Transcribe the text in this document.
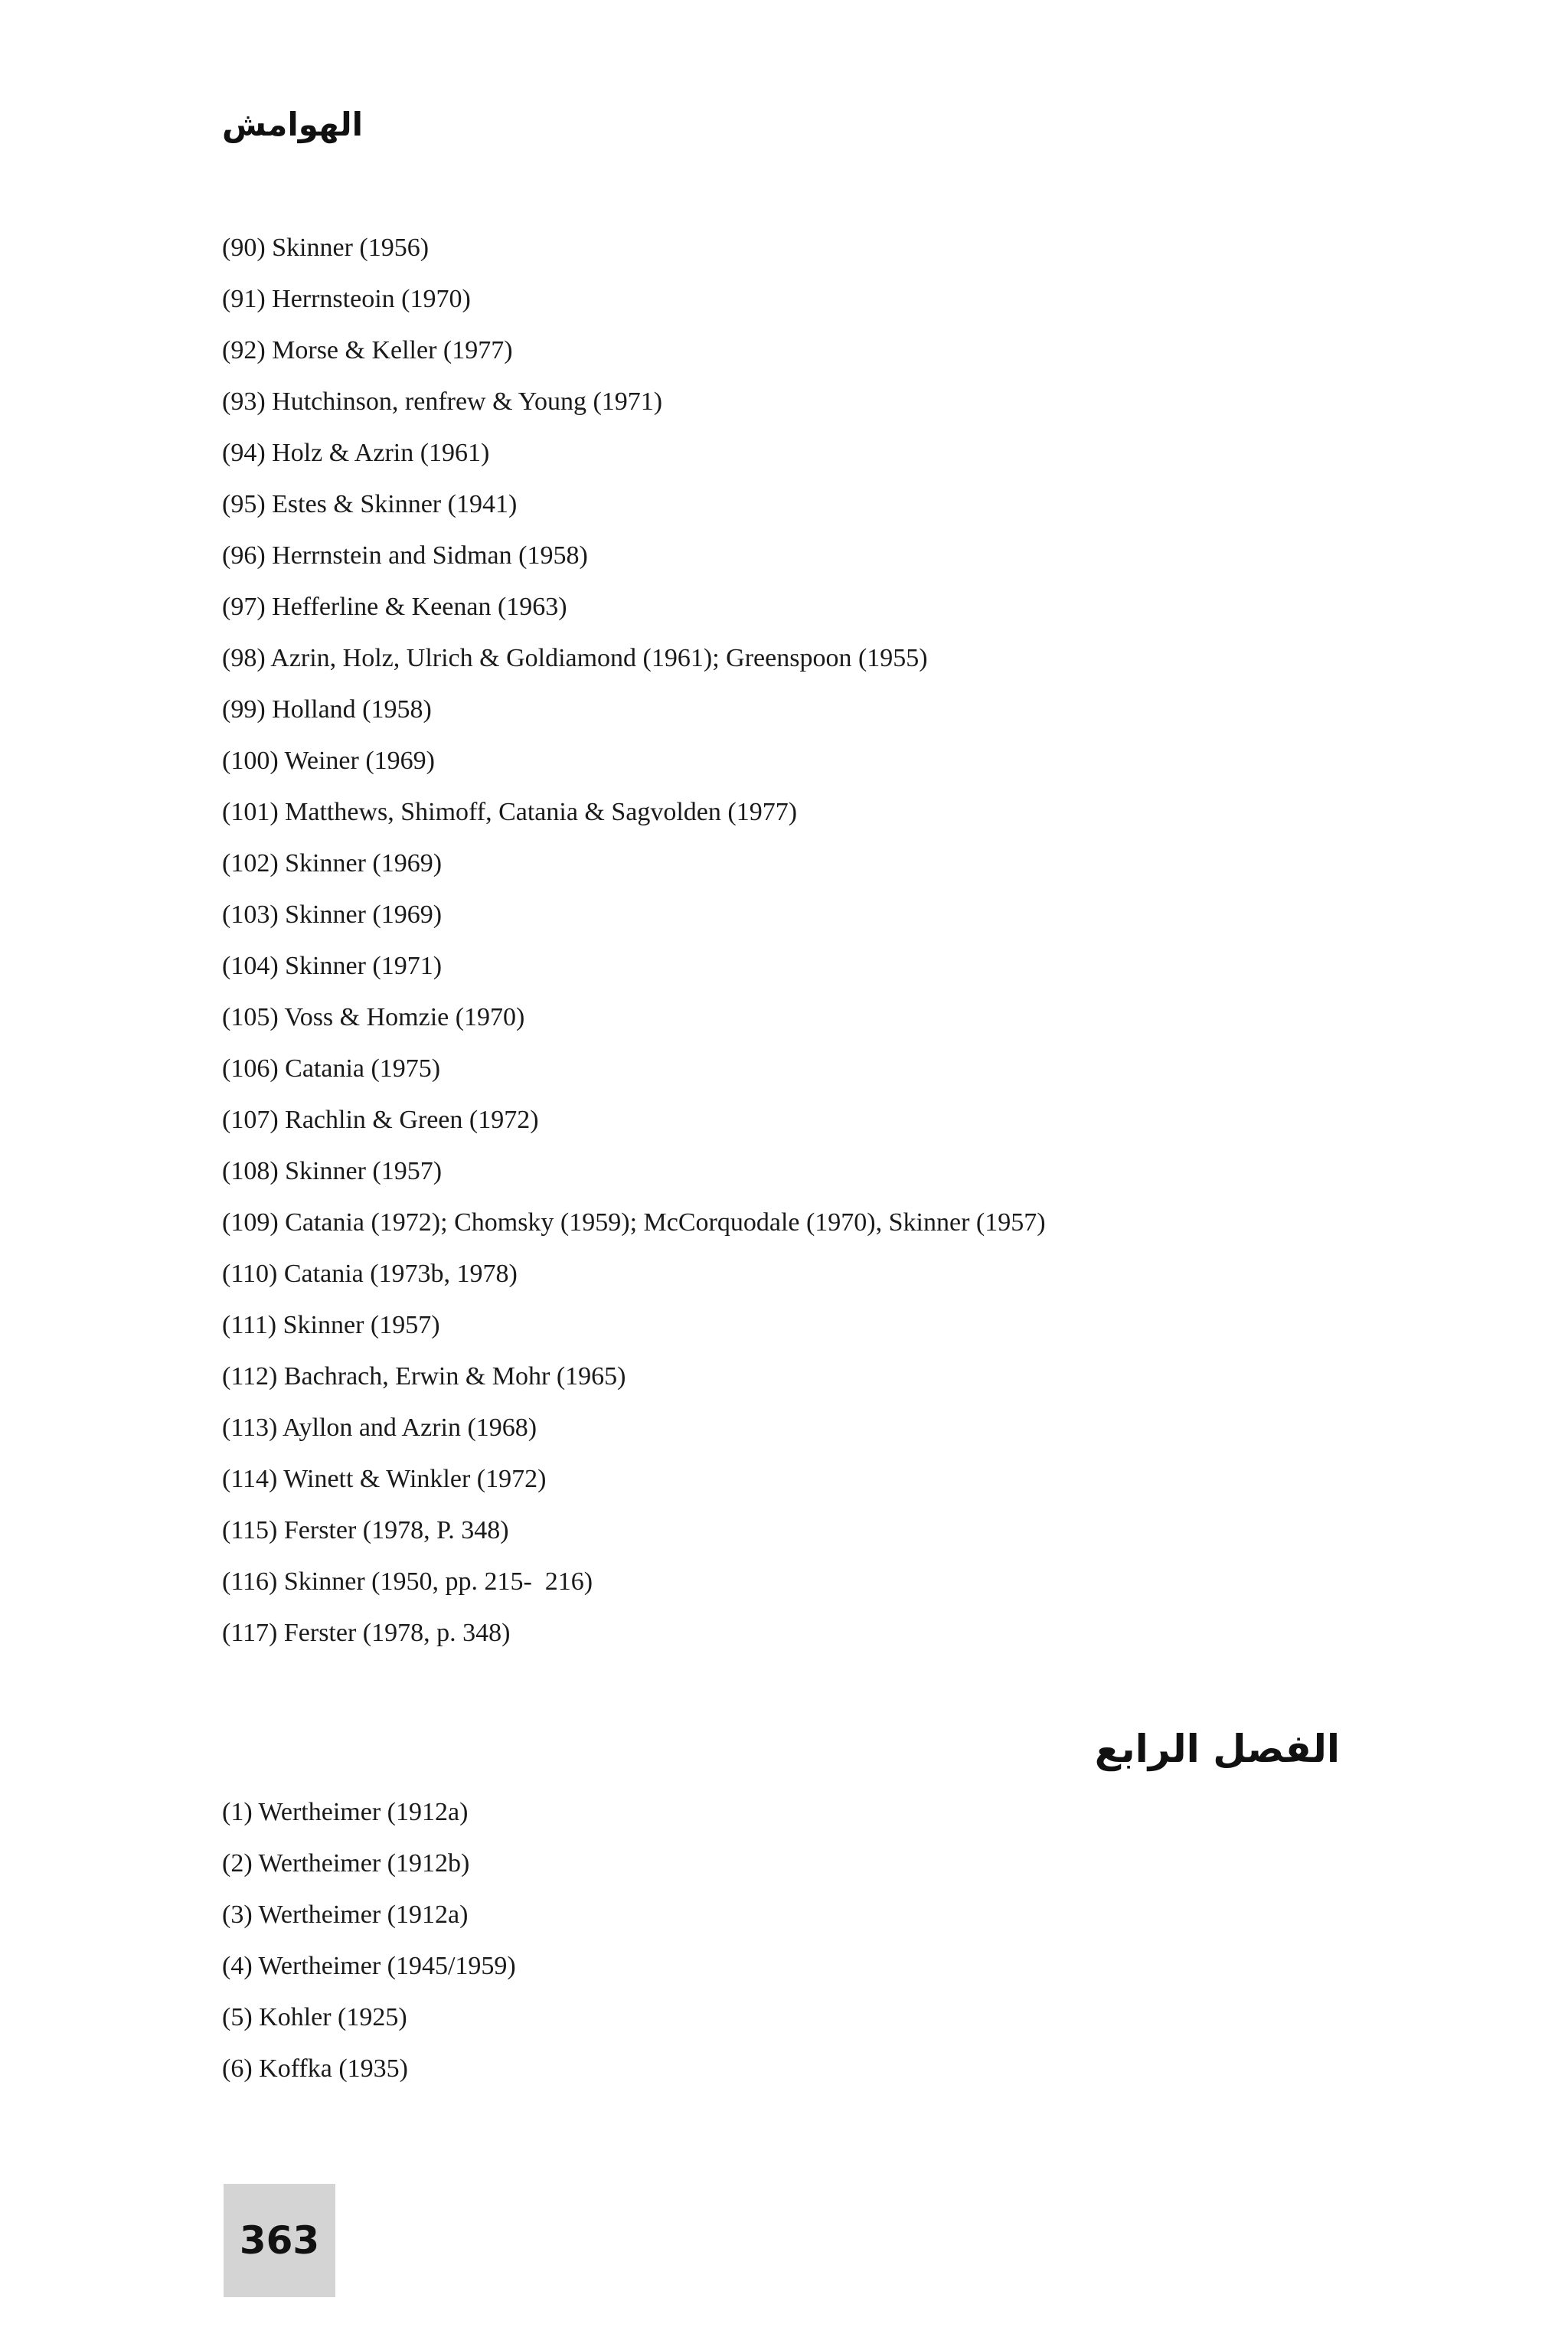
الهوامش
(90) Skinner (1956)
(91) Herrnsteoin (1970)
(92) Morse & Keller (1977)
(93) Hutchinson, renfrew & Young (1971)
(94) Holz & Azrin (1961)
(95) Estes & Skinner (1941)
(96) Herrnstein and Sidman (1958)
(97) Hefferline & Keenan (1963)
(98) Azrin, Holz, Ulrich & Goldiamond (1961); Greenspoon (1955)
(99) Holland (1958)
(100) Weiner (1969)
(101) Matthews, Shimoff, Catania & Sagvolden (1977)
(102) Skinner (1969)
(103) Skinner (1969)
(104) Skinner (1971)
(105) Voss & Homzie (1970)
(106) Catania (1975)
(107) Rachlin & Green (1972)
(108) Skinner (1957)
(109) Catania (1972); Chomsky (1959); McCorquodale (1970), Skinner (1957)
(110) Catania (1973b, 1978)
(111) Skinner (1957)
(112) Bachrach, Erwin & Mohr (1965)
(113) Ayllon and Azrin (1968)
(114) Winett & Winkler (1972)
(115) Ferster (1978, P. 348)
(116) Skinner (1950, pp. 215-  216)
(117) Ferster (1978, p. 348)
الفصل الرابع
(1) Wertheimer (1912a)
(2) Wertheimer (1912b)
(3) Wertheimer (1912a)
(4) Wertheimer (1945/1959)
(5) Kohler (1925)
(6) Koffka (1935)
363
